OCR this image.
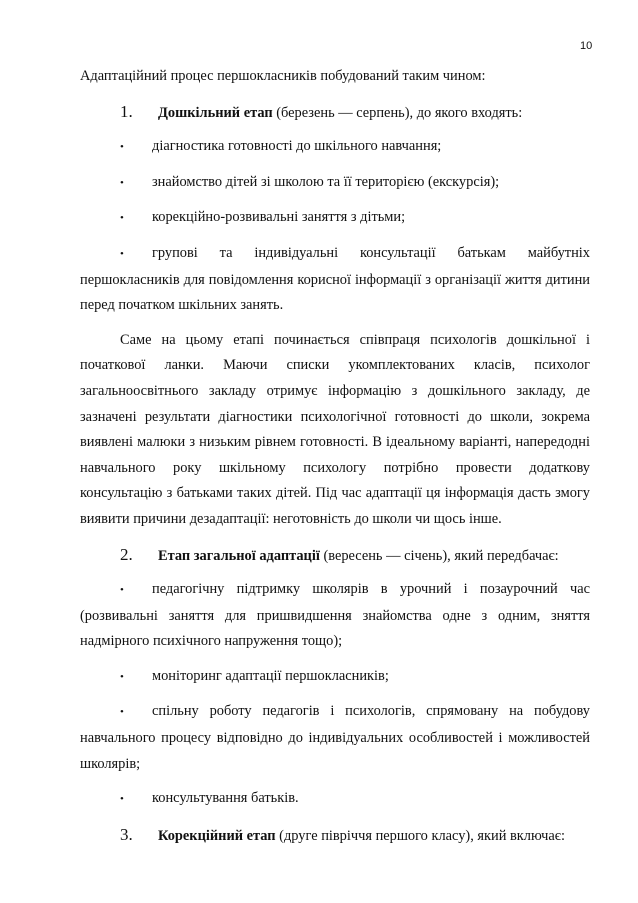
10

Адаптаційний процес першокласників побудований таким чином:

1.	Дошкільний етап (березень — серпень), до якого входять:

• діагностика готовності до шкільного навчання;

• знайомство дітей зі школою та її територією (екскурсія);

• корекційно-розвивальні заняття з дітьми;

• групові та індивідуальні консультації батькам майбутніх першокласників для повідомлення корисної інформації з організації життя дитини перед початком шкільних занять.

Саме на цьому етапі починається співпраця психологів дошкільної і початкової ланки. Маючи списки укомплектованих класів, психолог загальноосвітнього закладу отримує інформацію з дошкільного закладу, де зазначені результати діагностики психологічної готовності до школи, зокрема виявлені малюки з низьким рівнем готовності. В ідеальному варіанті, напередодні навчального року шкільному психологу потрібно провести додаткову консультацію з батьками таких дітей. Під час адаптації ця інформація дасть змогу виявити причини дезадаптації: неготовність до школи чи щось інше.

2.	Етап загальної адаптації (вересень — січень), який передбачає:

• педагогічну підтримку школярів в урочний і позаурочний час (розвивальні заняття для пришвидшення знайомства одне з одним, зняття надмірного психічного напруження тощо);

• моніторинг адаптації першокласників;

• спільну роботу педагогів і психологів, спрямовану на побудову навчального процесу відповідно до індивідуальних особливостей і можливостей школярів;

• консультування батьків.

3.	Корекційний етап (друге півріччя першого класу), який включає:
